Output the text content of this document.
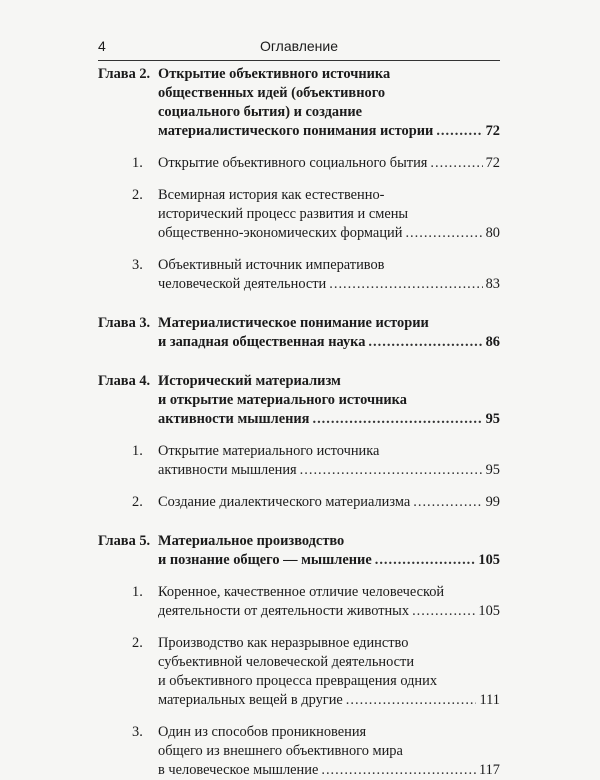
4	Оглавление
Глава 2. Открытие объективного источника
общественных идей (объективного
социального бытия) и создание
материалистического понимания истории .....	72
1.	Открытие объективного социального бытия .....	72
2.	Всемирная история как естественно-
исторический процесс развития и смены
общественно-экономических формаций .....	80
3.	Объективный источник императивов
человеческой деятельности .....	83
Глава 3. Материалистическое понимание истории
и западная общественная наука .....	86
Глава 4. Исторический материализм
и открытие материального источника
активности мышления .....	95
1.	Открытие материального источника
активности мышления .....	95
2.	Создание диалектического материализма .....	99
Глава 5. Материальное производство
и познание общего — мышление .....	105
1.	Коренное, качественное отличие человеческой
деятельности от деятельности животных .....	105
2.	Производство как неразрывное единство
субъективной человеческой деятельности
и объективного процесса превращения одних
материальных вещей в другие .....	111
3.	Один из способов проникновения
общего из внешнего объективного мира
в человеческое мышление .....	117
